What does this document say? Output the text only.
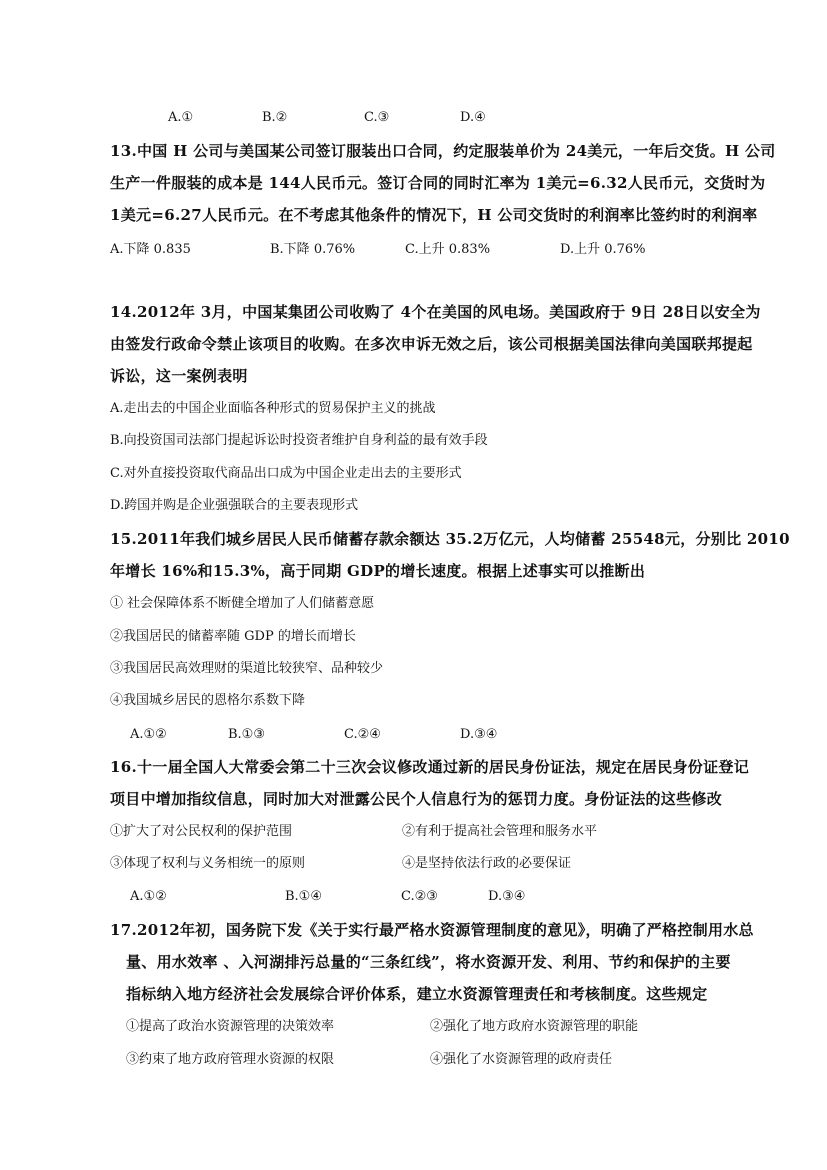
A.①	B.②	C.③	D.④
13.中国 H 公司与美国某公司签订服装出口合同，约定服装单价为 24美元，一年后交货。H 公司
生产一件服装的成本是 144人民币元。签订合同的同时汇率为 1美元=6.32人民币元，交货时为
1美元=6.27人民币元。在不考虑其他条件的情况下，H 公司交货时的利润率比签约时的利润率
A.下降 0.835	B.下降 0.76%	C.上升 0.83%	D.上升 0.76%
14.2012年 3月，中国某集团公司收购了 4个在美国的风电场。美国政府于 9日 28日以安全为
由签发行政命令禁止该项目的收购。在多次申诉无效之后，该公司根据美国法律向美国联邦提起
诉讼，这一案例表明
A.走出去的中国企业面临各种形式的贸易保护主义的挑战
B.向投资国司法部门提起诉讼时投资者维护自身利益的最有效手段
C.对外直接投资取代商品出口成为中国企业走出去的主要形式
D.跨国并购是企业强强联合的主要表现形式
15.2011年我们城乡居民人民币储蓄存款余额达 35.2万亿元，人均储蓄 25548元，分别比 2010
年增长 16%和15.3%，高于同期 GDP的增长速度。根据上述事实可以推断出
① 社会保障体系不断健全增加了人们储蓄意愿
②我国居民的储蓄率随 GDP 的增长而增长
③我国居民高效理财的渠道比较狭窄、品种较少
④我国城乡居民的恩格尔系数下降
A.①②	B.①③	C.②④	D.③④
16.十一届全国人大常委会第二十三次会议修改通过新的居民身份证法，规定在居民身份证登记
项目中增加指纹信息，同时加大对泄露公民个人信息行为的惩罚力度。身份证法的这些修改
①扩大了对公民权利的保护范围	②有利于提高社会管理和服务水平
③体现了权利与义务相统一的原则	④是坚持依法行政的必要保证
A.①②	B.①④	C.②③	D.③④
17.2012年初，国务院下发《关于实行最严格水资源管理制度的意见》，明确了严格控制用水总
量、用水效率 、入河湖排污总量的“三条红线”，将水资源开发、利用、节约和保护的主要
指标纳入地方经济社会发展综合评价体系，建立水资源管理责任和考核制度。这些规定
①提高了政治水资源管理的决策效率	②强化了地方政府水资源管理的职能
③约束了地方政府管理水资源的权限	④强化了水资源管理的政府责任
